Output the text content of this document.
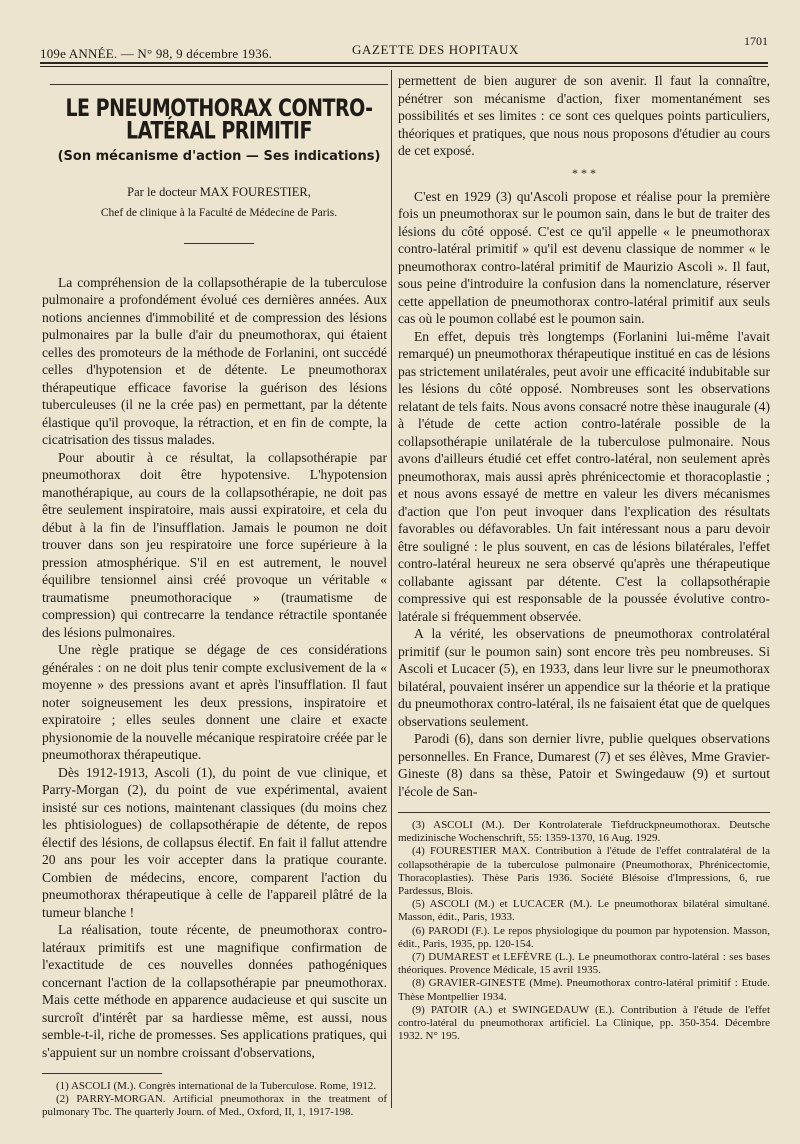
109e ANNÉE. — N° 98, 9 décembre 1936.	GAZETTE DES HOPITAUX
1701
LE PNEUMOTHORAX CONTRO-LATÉRAL PRIMITIF
(Son mécanisme d'action — Ses indications)
Par le docteur MAX FOURESTIER,
Chef de clinique à la Faculté de Médecine de Paris.

La compréhension de la collapsothérapie de la tuberculose pulmonaire a profondément évolué ces dernières années. Aux notions anciennes d'immobilité et de compression des lésions pulmonaires par la bulle d'air du pneumothorax, qui étaient celles des promoteurs de la méthode de Forlanini, ont succédé celles d'hypotension et de détente. Le pneumothorax thérapeutique efficace favorise la guérison des lésions tuberculeuses (il ne la crée pas) en permettant, par la détente élastique qu'il provoque, la rétraction, et en fin de compte, la cicatrisation des tissus malades.

Pour aboutir à ce résultat, la collapsothérapie par pneumothorax doit être hypotensive. L'hypotension manothérapique, au cours de la collapsothérapie, ne doit pas être seulement inspiratoire, mais aussi expiratoire, et cela du début à la fin de l'insufflation. Jamais le poumon ne doit trouver dans son jeu respiratoire une force supérieure à la pression atmosphérique. S'il en est autrement, le nouvel équilibre tensionnel ainsi créé provoque un véritable « traumatisme pneumothoracique » (traumatisme de compression) qui contrecarre la tendance rétractile spontanée des lésions pulmonaires.

Une règle pratique se dégage de ces considérations générales : on ne doit plus tenir compte exclusivement de la « moyenne » des pressions avant et après l'insufflation. Il faut noter soigneusement les deux pressions, inspiratoire et expiratoire ; elles seules donnent une claire et exacte physionomie de la nouvelle mécanique respiratoire créée par le pneumothorax thérapeutique.

Dès 1912-1913, Ascoli (1), du point de vue clinique, et Parry-Morgan (2), du point de vue expérimental, avaient insisté sur ces notions, maintenant classiques (du moins chez les phtisiologues) de collapsothérapie de détente, de repos électif des lésions, de collapsus électif. En fait il fallut attendre 20 ans pour les voir accepter dans la pratique courante. Combien de médecins, encore, comparent l'action du pneumothorax thérapeutique à celle de l'appareil plâtré de la tumeur blanche !

La réalisation, toute récente, de pneumothorax contro-latéraux primitifs est une magnifique confirmation de l'exactitude de ces nouvelles données pathogéniques concernant l'action de la collapsothérapie par pneumothorax. Mais cette méthode en apparence audacieuse et qui suscite un surcroît d'intérêt par sa hardiesse même, est aussi, nous semble-t-il, riche de promesses. Ses applications pratiques, qui s'appuient sur un nombre croissant d'observations,

(1) ASCOLI (M.). Congrès international de la Tuberculose. Rome, 1912.

(2) PARRY-MORGAN. Artificial pneumothorax in the treatment of pulmonary Tbc. The quarterly Journ. of Med., Oxford, II, 1, 1917-198.

permettent de bien augurer de son avenir. Il faut la connaître, pénétrer son mécanisme d'action, fixer momentanément ses possibilités et ses limites : ce sont ces quelques points particuliers, théoriques et pratiques, que nous nous proposons d'étudier au cours de cet exposé.

* * *

C'est en 1929 (3) qu'Ascoli propose et réalise pour la première fois un pneumothorax sur le poumon sain, dans le but de traiter des lésions du côté opposé. C'est ce qu'il appelle « le pneumothorax contro-latéral primitif » qu'il est devenu classique de nommer « le pneumothorax contro-latéral primitif de Maurizio Ascoli ». Il faut, sous peine d'introduire la confusion dans la nomenclature, réserver cette appellation de pneumothorax contro-latéral primitif aux seuls cas où le poumon collabé est le poumon sain.

En effet, depuis très longtemps (Forlanini lui-même l'avait remarqué) un pneumothorax thérapeutique institué en cas de lésions pas strictement unilatérales, peut avoir une efficacité indubitable sur les lésions du côté opposé. Nombreuses sont les observations relatant de tels faits. Nous avons consacré notre thèse inaugurale (4) à l'étude de cette action contro-latérale possible de la collapsothérapie unilatérale de la tuberculose pulmonaire. Nous avons d'ailleurs étudié cet effet contro-latéral, non seulement après pneumothorax, mais aussi après phrénicectomie et thoracoplastie ; et nous avons essayé de mettre en valeur les divers mécanismes d'action que l'on peut invoquer dans l'explication des résultats favorables ou défavorables. Un fait intéressant nous a paru devoir être souligné : le plus souvent, en cas de lésions bilatérales, l'effet contro-latéral heureux ne sera observé qu'après une thérapeutique collabante agissant par détente. C'est la collapsothérapie compressive qui est responsable de la poussée évolutive contro-latérale si fréquemment observée.

A la vérité, les observations de pneumothorax controlatéral primitif (sur le poumon sain) sont encore très peu nombreuses. Si Ascoli et Lucacer (5), en 1933, dans leur livre sur le pneumothorax bilatéral, pouvaient insérer un appendice sur la théorie et la pratique du pneumothorax contro-latéral, ils ne faisaient état que de quelques observations seulement.

Parodi (6), dans son dernier livre, publie quelques observations personnelles. En France, Dumarest (7) et ses élèves, Mme Gravier-Gineste (8) dans sa thèse, Patoir et Swingedauw (9) et surtout l'école de San-

(3) ASCOLI (M.). Der Kontrolaterale Tiefdruckpneumothorax. Deutsche medizinische Wochenschrift, 55: 1359-1370, 16 Aug. 1929.

(4) FOURESTIER MAX. Contribution à l'étude de l'effet contralatéral de la collapsothérapie de la tuberculose pulmonaire (Pneumothorax, Phrénicectomie, Thoracoplasties). Thèse Paris 1936. Société Blésoise d'Impressions, 6, rue Pardessus, Blois.

(5) ASCOLI (M.) et LUCACER (M.). Le pneumothorax bilatéral simultané. Masson, édit., Paris, 1933.

(6) PARODI (F.). Le repos physiologique du poumon par hypotension. Masson, édit., Paris, 1935, pp. 120-154.

(7) DUMAREST et LEFÈVRE (L.). Le pneumothorax contro-latéral : ses bases théoriques. Provence Médicale, 15 avril 1935.

(8) GRAVIER-GINESTE (Mme). Pneumothorax contro-latéral primitif : Etude. Thèse Montpellier 1934.

(9) PATOIR (A.) et SWINGEDAUW (E.). Contribution à l'étude de l'effet contro-latéral du pneumothorax artificiel. La Clinique, pp. 350-354. Décembre 1932. N° 195.
